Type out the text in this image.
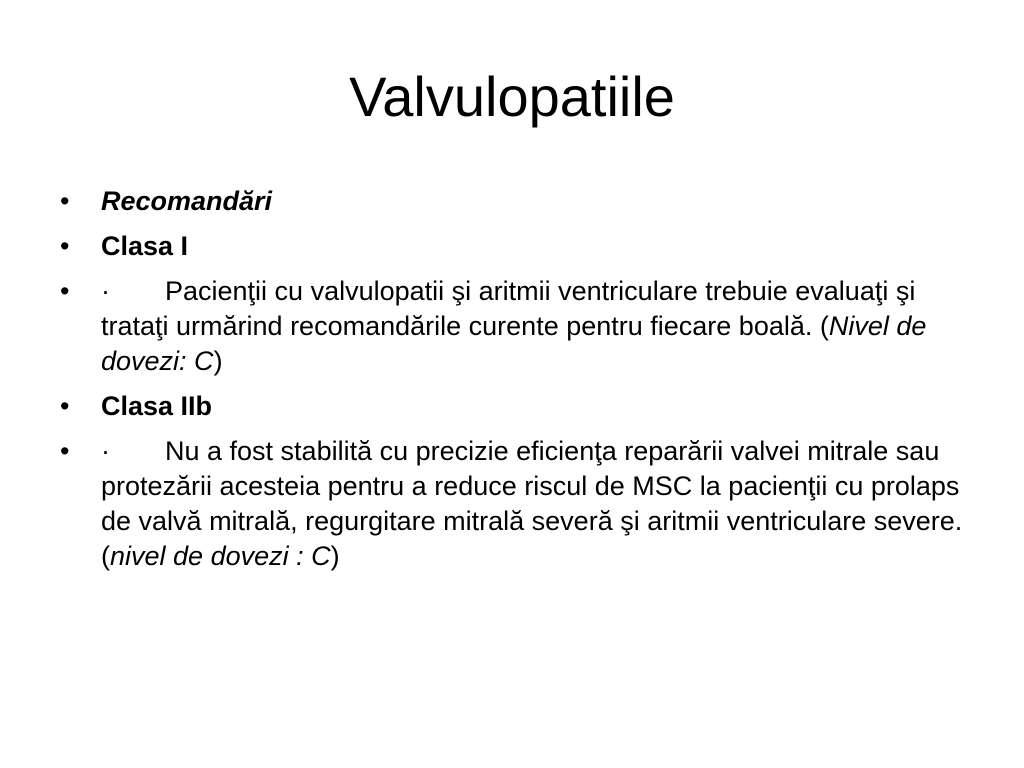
Valvulopatiile
•	Recomandări
•	Clasa I
•	· Pacienţii cu valvulopatii şi aritmii ventriculare trebuie evaluaţi şi trataţi urmărind recomandările curente pentru fiecare boală. (Nivel de dovezi: C)
•	Clasa IIb
•	· Nu a fost stabilită cu precizie eficienţa reparării valvei mitrale sau protezării acesteia pentru a reduce riscul de MSC la pacienţii cu prolaps de valvă mitrală, regurgitare mitrală severă şi aritmii ventriculare severe. (nivel de dovezi : C)
